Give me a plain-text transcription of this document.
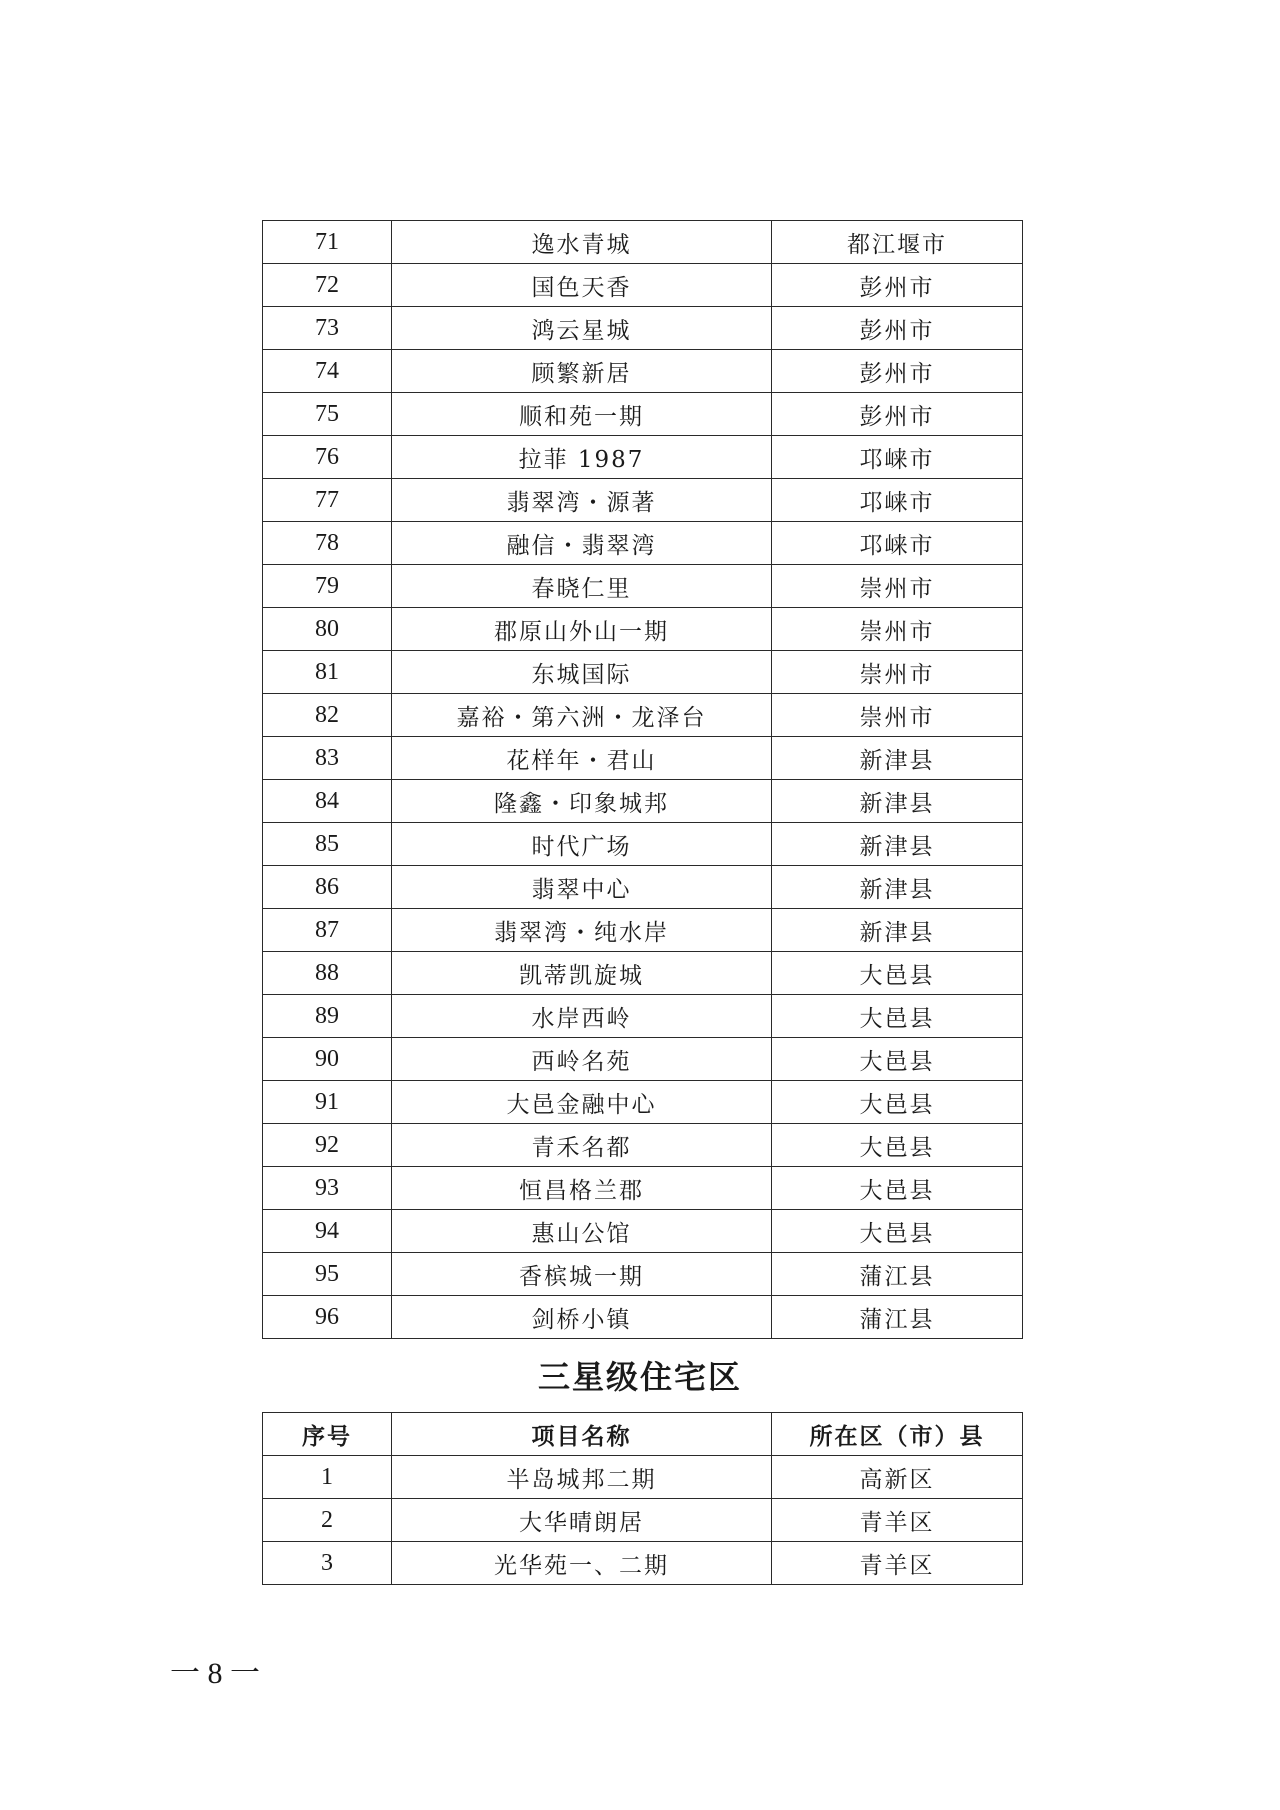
71	逸水青城	都江堰市
72	国色天香	彭州市
73	鸿云星城	彭州市
74	顾繁新居	彭州市
75	顺和苑一期	彭州市
76	拉菲 1987	邛崃市
77	翡翠湾・源著	邛崃市
78	融信・翡翠湾	邛崃市
79	春晓仁里	崇州市
80	郡原山外山一期	崇州市
81	东城国际	崇州市
82	嘉裕・第六洲・龙泽台	崇州市
83	花样年・君山	新津县
84	隆鑫・印象城邦	新津县
85	时代广场	新津县
86	翡翠中心	新津县
87	翡翠湾・纯水岸	新津县
88	凯蒂凯旋城	大邑县
89	水岸西岭	大邑县
90	西岭名苑	大邑县
91	大邑金融中心	大邑县
92	青禾名都	大邑县
93	恒昌格兰郡	大邑县
94	惠山公馆	大邑县
95	香槟城一期	蒲江县
96	剑桥小镇	蒲江县
三星级住宅区
序号	项目名称	所在区（市）县
1	半岛城邦二期	高新区
2	大华晴朗居	青羊区
3	光华苑一、二期	青羊区
一 8 一
